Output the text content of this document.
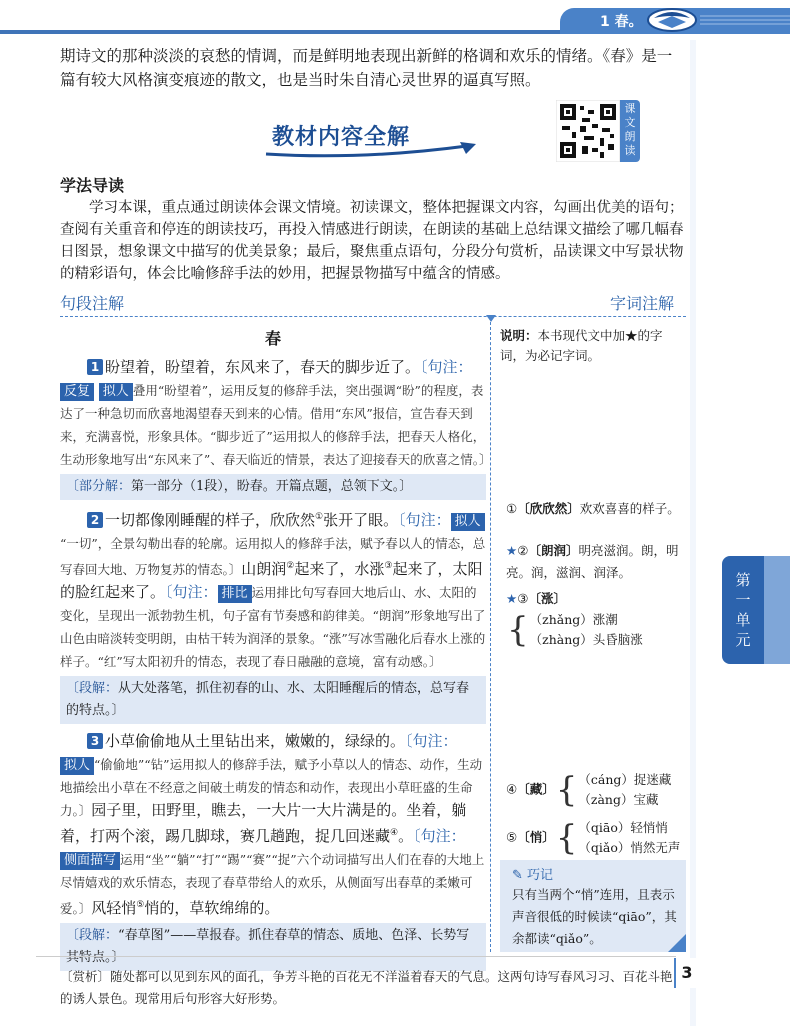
1 春。
期诗文的那种淡淡的哀愁的情调，而是鲜明地表现出新鲜的格调和欢乐的情绪。《春》是一篇有较大风格演变痕迹的散文，也是当时朱自清心灵世界的逼真写照。
课文朗读
教材内容全解
学法导读

学习本课，重点通过朗读体会课文情境。初读课文，整体把握课文内容，勾画出优美的语句；查阅有关重音和停连的朗读技巧，再投入情感进行朗读，在朗读的基础上总结课文描绘了哪几幅春日图景，想象课文中描写的优美景象；最后，聚焦重点语句，分段分句赏析，品读课文中写景状物的精彩语句，体会比喻修辞手法的妙用，把握景物描写中蕴含的情感。

句段注解	字词注解
春

1 盼望着，盼望着，东风来了，春天的脚步近了。〔句注：反复 拟人 叠用“盼望着”，运用反复的修辞手法，突出强调“盼”的程度，表达了一种急切而欣喜地渴望春天到来的心情。借用“东风”报信，宣告春天到来，充满喜悦，形象具体。“脚步近了”运用拟人的修辞手法，把春天人格化，生动形象地写出“东风来了”、春天临近的情景，表达了迎接春天的欣喜之情。〕

〔部分解：第一部分（1段），盼春。开篇点题，总领下文。〕

2 一切都像刚睡醒的样子，欣欣然①张开了眼。〔句注： 拟人“一切”，全景勾勒出春的轮廓。运用拟人的修辞手法，赋予春以人的情态，总写春回大地、万物复苏的情态。〕山朗润②起来了，水涨③起来了，太阳的脸红起来了。〔句注： 排比 运用排比句写春回大地后山、水、太阳的变化，呈现出一派勃勃生机，句子富有节奏感和韵律美。“朗润”形象地写出了山色由暗淡转变明朗，由枯干转为润泽的景象。“涨”写冰雪融化后春水上涨的样子。“红”写太阳初升的情态，表现了春日融融的意境，富有动感。〕

〔段解：从大处落笔，抓住初春的山、水、太阳睡醒后的情态，总写春的特点。〕

3 小草偷偷地从土里钻出来，嫩嫩的，绿绿的。〔句注：拟人 “偷偷地”“钻”运用拟人的修辞手法，赋予小草以人的情态、动作，生动地描绘出小草在不经意之间破土萌发的情态和动作，表现出小草旺盛的生命力。〕园子里，田野里，瞧去，一大片一大片满是的。坐着，躺着，打两个滚，踢几脚球，赛几趟跑，捉几回迷藏④。〔句注：侧面描写 运用“坐”“躺”“打”“踢”“赛”“捉”六个动词描写出人们在春的大地上尽情嬉戏的欢乐情态，表现了春草带给人的欢乐，从侧面写出春草的柔嫩可爱。〕风轻悄⑤悄的，草软绵绵的。

〔段解：“春草图”——草报春。抓住春草的情态、质地、色泽、长势写其特点。〕
说明：本书现代文中加★的字词，为必记字词。
①〔欣欣然〕欢欢喜喜的样子。
★②〔朗润〕明亮滋润。朗，明亮。润，滋润、润泽。
★③〔涨〕
{ （zhǎng）涨潮
（zhàng）头昏脑涨
④〔藏〕 { （cáng）捉迷藏
（zàng）宝藏
⑤〔悄〕 { （qiāo）轻悄悄
（qiǎo）悄然无声
✎ 巧记
只有当两个“悄”连用，且表示声音很低的时候读“qiāo”，其余都读“qiǎo”。
第一单元
〔赏析〕随处都可以见到东风的面孔，争芳斗艳的百花无不洋溢着春天的气息。这两句诗写春风习习、百花斗艳的诱人景色。现常用后句形容大好形势。
3
